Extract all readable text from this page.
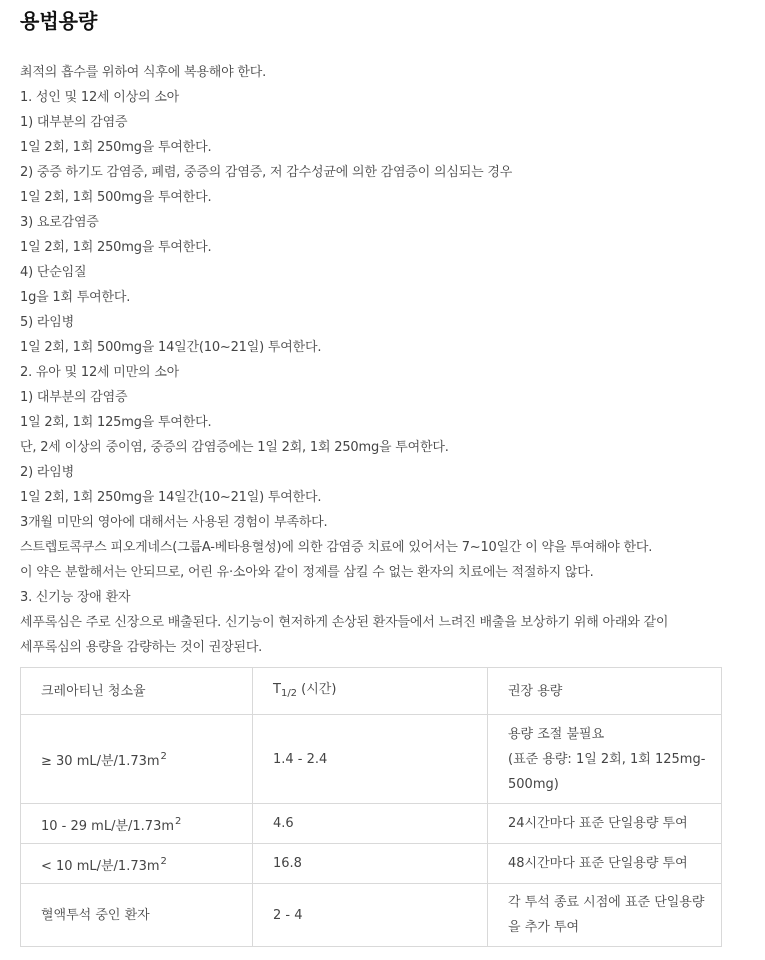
용법용량
최적의 흡수를 위하여 식후에 복용해야 한다.
1. 성인 및 12세 이상의 소아
1) 대부분의 감염증
1일 2회, 1회 250mg을 투여한다.
2) 중증 하기도 감염증, 폐렴, 중증의 감염증, 저 감수성균에 의한 감염증이 의심되는 경우
1일 2회, 1회 500mg을 투여한다.
3) 요로감염증
1일 2회, 1회 250mg을 투여한다.
4) 단순임질
1g을 1회 투여한다.
5) 라임병
1일 2회, 1회 500mg을 14일간(10~21일) 투여한다.
2. 유아 및 12세 미만의 소아
1) 대부분의 감염증
1일 2회, 1회 125mg을 투여한다.
단, 2세 이상의 중이염, 중증의 감염증에는 1일 2회, 1회 250mg을 투여한다.
2) 라임병
1일 2회, 1회 250mg을 14일간(10~21일) 투여한다.
3개월 미만의 영아에 대해서는 사용된 경험이 부족하다.
스트렙토콕쿠스 피오게네스(그룹A-베타용혈성)에 의한 감염증 치료에 있어서는 7~10일간 이 약을 투여해야 한다.
이 약은 분할해서는 안되므로, 어린 유·소아와 같이 정제를 삼킬 수 없는 환자의 치료에는 적절하지 않다.
3. 신기능 장애 환자
세푸록심은 주로 신장으로 배출된다. 신기능이 현저하게 손상된 환자들에서 느려진 배출을 보상하기 위해 아래와 같이
세푸록심의 용량을 감량하는 것이 권장된다.
크레아티닌 청소율	$T_{1/2}$ (시간)	권장 용량
≥ 30 mL/분$/1.73m^2$	1.4 - 2.4	용량 조절 불필요
(표준 용량: 1일 2회, 1회 125mg-
500mg)

10 - 29 mL/분$/1.73m^2$	4.6	24시간마다 표준 단일용량 투여

< 10 mL/분$/1.73m^2$	16.8	48시간마다 표준 단일용량 투여

혈액투석 중인 환자	2 - 4	각 투석 종료 시점에 표준 단일용량
을 추가 투여
